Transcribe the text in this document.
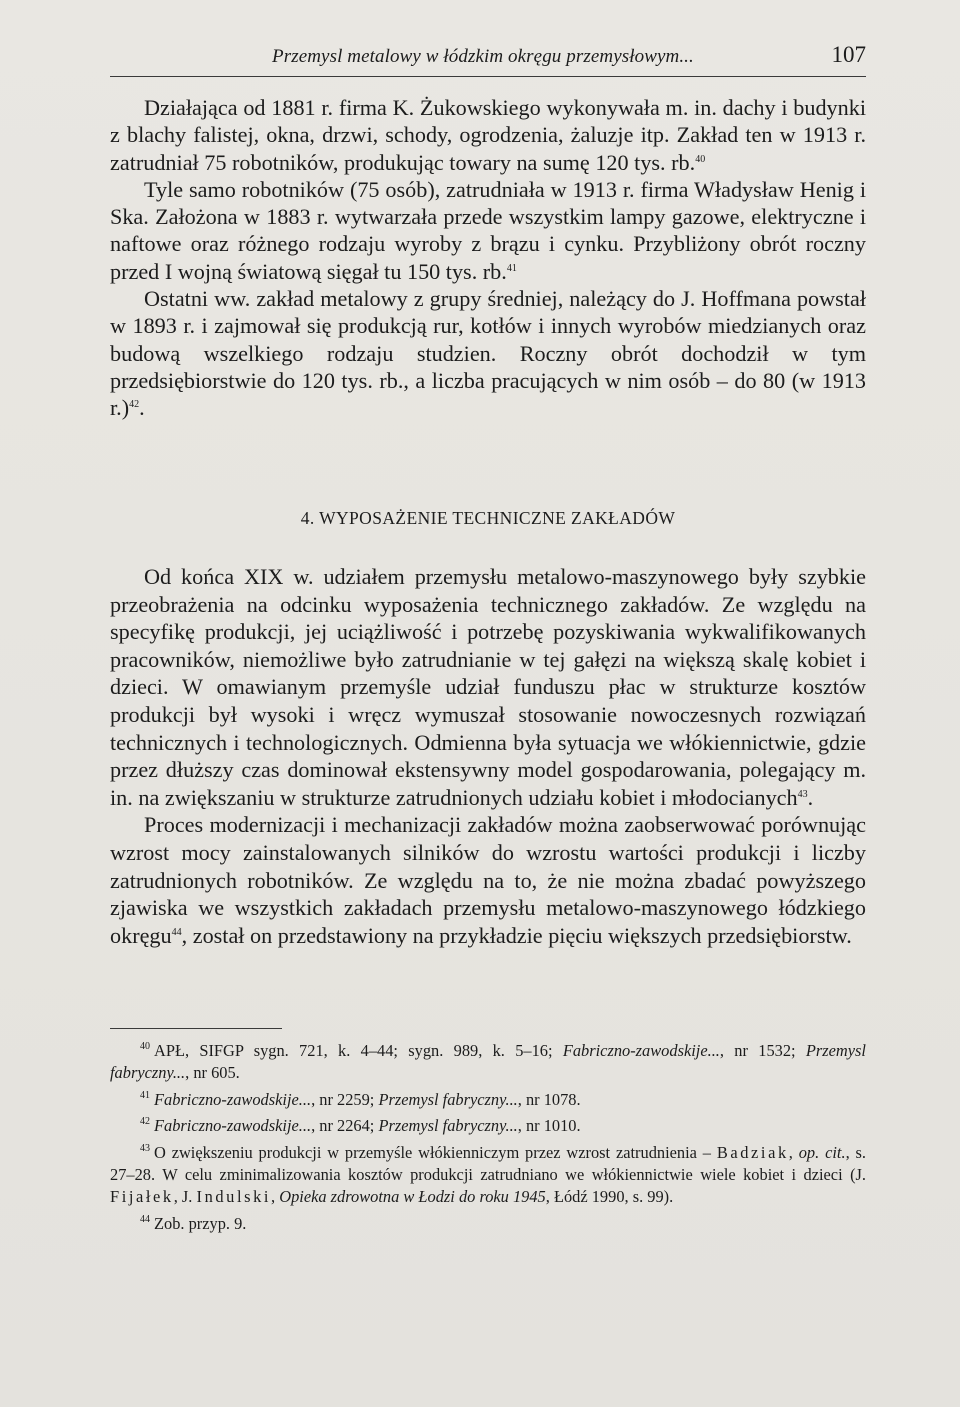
Przemysl metalowy w łódzkim okręgu przemysłowym...	107

Działająca od 1881 r. firma K. Żukowskiego wykonywała m. in. dachy i budynki z blachy falistej, okna, drzwi, schody, ogrodzenia, żaluzje itp. Zakład ten w 1913 r. zatrudniał 75 robotników, produkując towary na sumę 120 tys. rb.$^{40}$

Tyle samo robotników (75 osób), zatrudniała w 1913 r. firma Władysław Henig i Ska. Założona w 1883 r. wytwarzała przede wszystkim lampy gazowe, elektryczne i naftowe oraz różnego rodzaju wyroby z brązu i cynku. Przybliżony obrót roczny przed I wojną światową sięgał tu 150 tys. rb.$^{41}$

Ostatni ww. zakład metalowy z grupy średniej, należący do J. Hoffmana powstał w 1893 r. i zajmował się produkcją rur, kotłów i innych wyrobów miedzianych oraz budową wszelkiego rodzaju studzien. Roczny obrót dochodził w tym przedsiębiorstwie do 120 tys. rb., a liczba pracujących w nim osób – do 80 (w 1913 r.)$^{42}$.

4. WYPOSAŻENIE TECHNICZNE ZAKŁADÓW

Od końca XIX w. udziałem przemysłu metalowo-maszynowego były szybkie przeobrażenia na odcinku wyposażenia technicznego zakładów. Ze względu na specyfikę produkcji, jej uciążliwość i potrzebę pozyskiwania wykwalifikowanych pracowników, niemożliwe było zatrudnianie w tej gałęzi na większą skalę kobiet i dzieci. W omawianym przemyśle udział funduszu płac w strukturze kosztów produkcji był wysoki i wręcz wymuszał stosowanie nowoczesnych rozwiązań technicznych i technologicznych. Odmienna była sytuacja we włókiennictwie, gdzie przez dłuższy czas dominował ekstensywny model gospodarowania, polegający m. in. na zwiększaniu w strukturze zatrudnionych udziału kobiet i młodocianych$^{43}$.

Proces modernizacji i mechanizacji zakładów można zaobserwować porównując wzrost mocy zainstalowanych silników do wzrostu wartości produkcji i liczby zatrudnionych robotników. Ze względu na to, że nie można zbadać powyższego zjawiska we wszystkich zakładach przemysłu metalowo-maszynowego łódzkiego okręgu$^{44}$, został on przedstawiony na przykładzie pięciu większych przedsiębiorstw.

$^{40}$ APŁ, SIFGP sygn. 721, k. 4–44; sygn. 989, k. 5–16; Fabriczno-zawodskije..., nr 1532; Przemysl fabryczny..., nr 605.

$^{41}$ Fabriczno-zawodskije..., nr 2259; Przemysl fabryczny..., nr 1078.

$^{42}$ Fabriczno-zawodskije..., nr 2264; Przemysl fabryczny..., nr 1010.

$^{43}$ O zwiększeniu produkcji w przemyśle włókienniczym przez wzrost zatrudnienia – Badziak, op. cit., s. 27–28. W celu zminimalizowania kosztów produkcji zatrudniano we włókiennictwie wiele kobiet i dzieci (J. Fijałek, J. Indulski, Opieka zdrowotna w Łodzi do roku 1945, Łódź 1990, s. 99).

$^{44}$ Zob. przyp. 9.
